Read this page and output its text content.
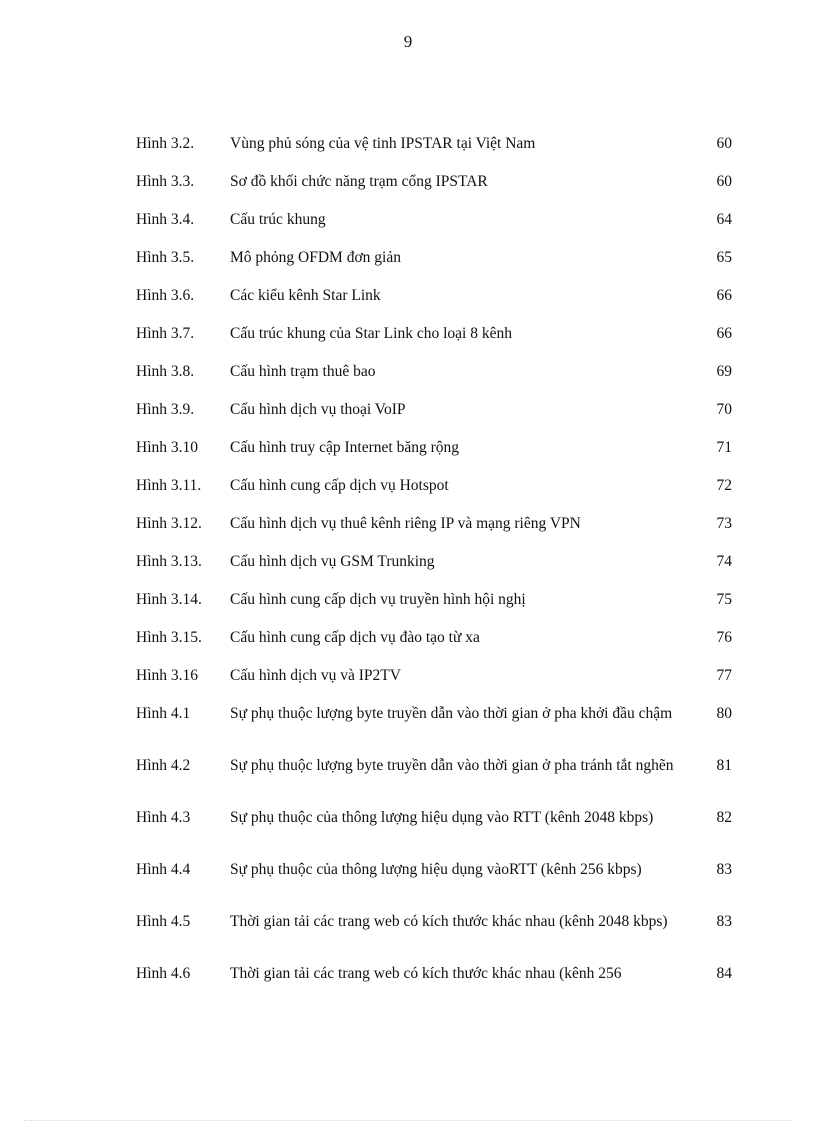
9
Hình 3.2. Vùng phủ sóng của vệ tinh IPSTAR tại Việt Nam	60
Hình 3.3. Sơ đồ khối chức năng trạm cổng IPSTAR	60
Hình 3.4. Cấu trúc khung	64
Hình 3.5. Mô phỏng OFDM đơn giản	65
Hình 3.6. Các kiểu kênh Star Link	66
Hình 3.7. Cấu trúc khung của Star Link cho loại 8 kênh	66
Hình 3.8. Cấu hình trạm thuê bao	69
Hình 3.9. Cấu hình dịch vụ thoại VoIP	70
Hình 3.10 Cấu hình truy cập Internet băng rộng	71
Hình 3.11. Cấu hình cung cấp dịch vụ Hotspot	72
Hình 3.12. Cấu hình dịch vụ thuê kênh riêng IP và mạng riêng VPN	73
Hình 3.13. Cấu hình dịch vụ GSM Trunking	74
Hình 3.14. Cấu hình cung cấp dịch vụ truyền hình hội nghị	75
Hình 3.15. Cấu hình cung cấp dịch vụ đào tạo từ xa	76
Hình 3.16 Cấu hình dịch vụ và IP2TV	77
Hình 4.1	Sự phụ thuộc lượng byte truyền dẫn vào thời gian ở pha khởi đầu chậm	80
Hình 4.2	Sự phụ thuộc lượng byte truyền dẫn vào thời gian ở pha tránh tắt nghẽn	81
Hình 4.3	Sự phụ thuộc của thông lượng hiệu dụng vào RTT (kênh 2048 kbps)	82
Hình 4.4	Sự phụ thuộc của thông lượng hiệu dụng vàoRTT (kênh 256 kbps)	83
Hình 4.5	Thời gian tải các trang web có kích thước khác nhau (kênh 2048 kbps)	83
Hình 4.6	Thời gian tải các trang web có kích thước khác nhau (kênh 256	84
